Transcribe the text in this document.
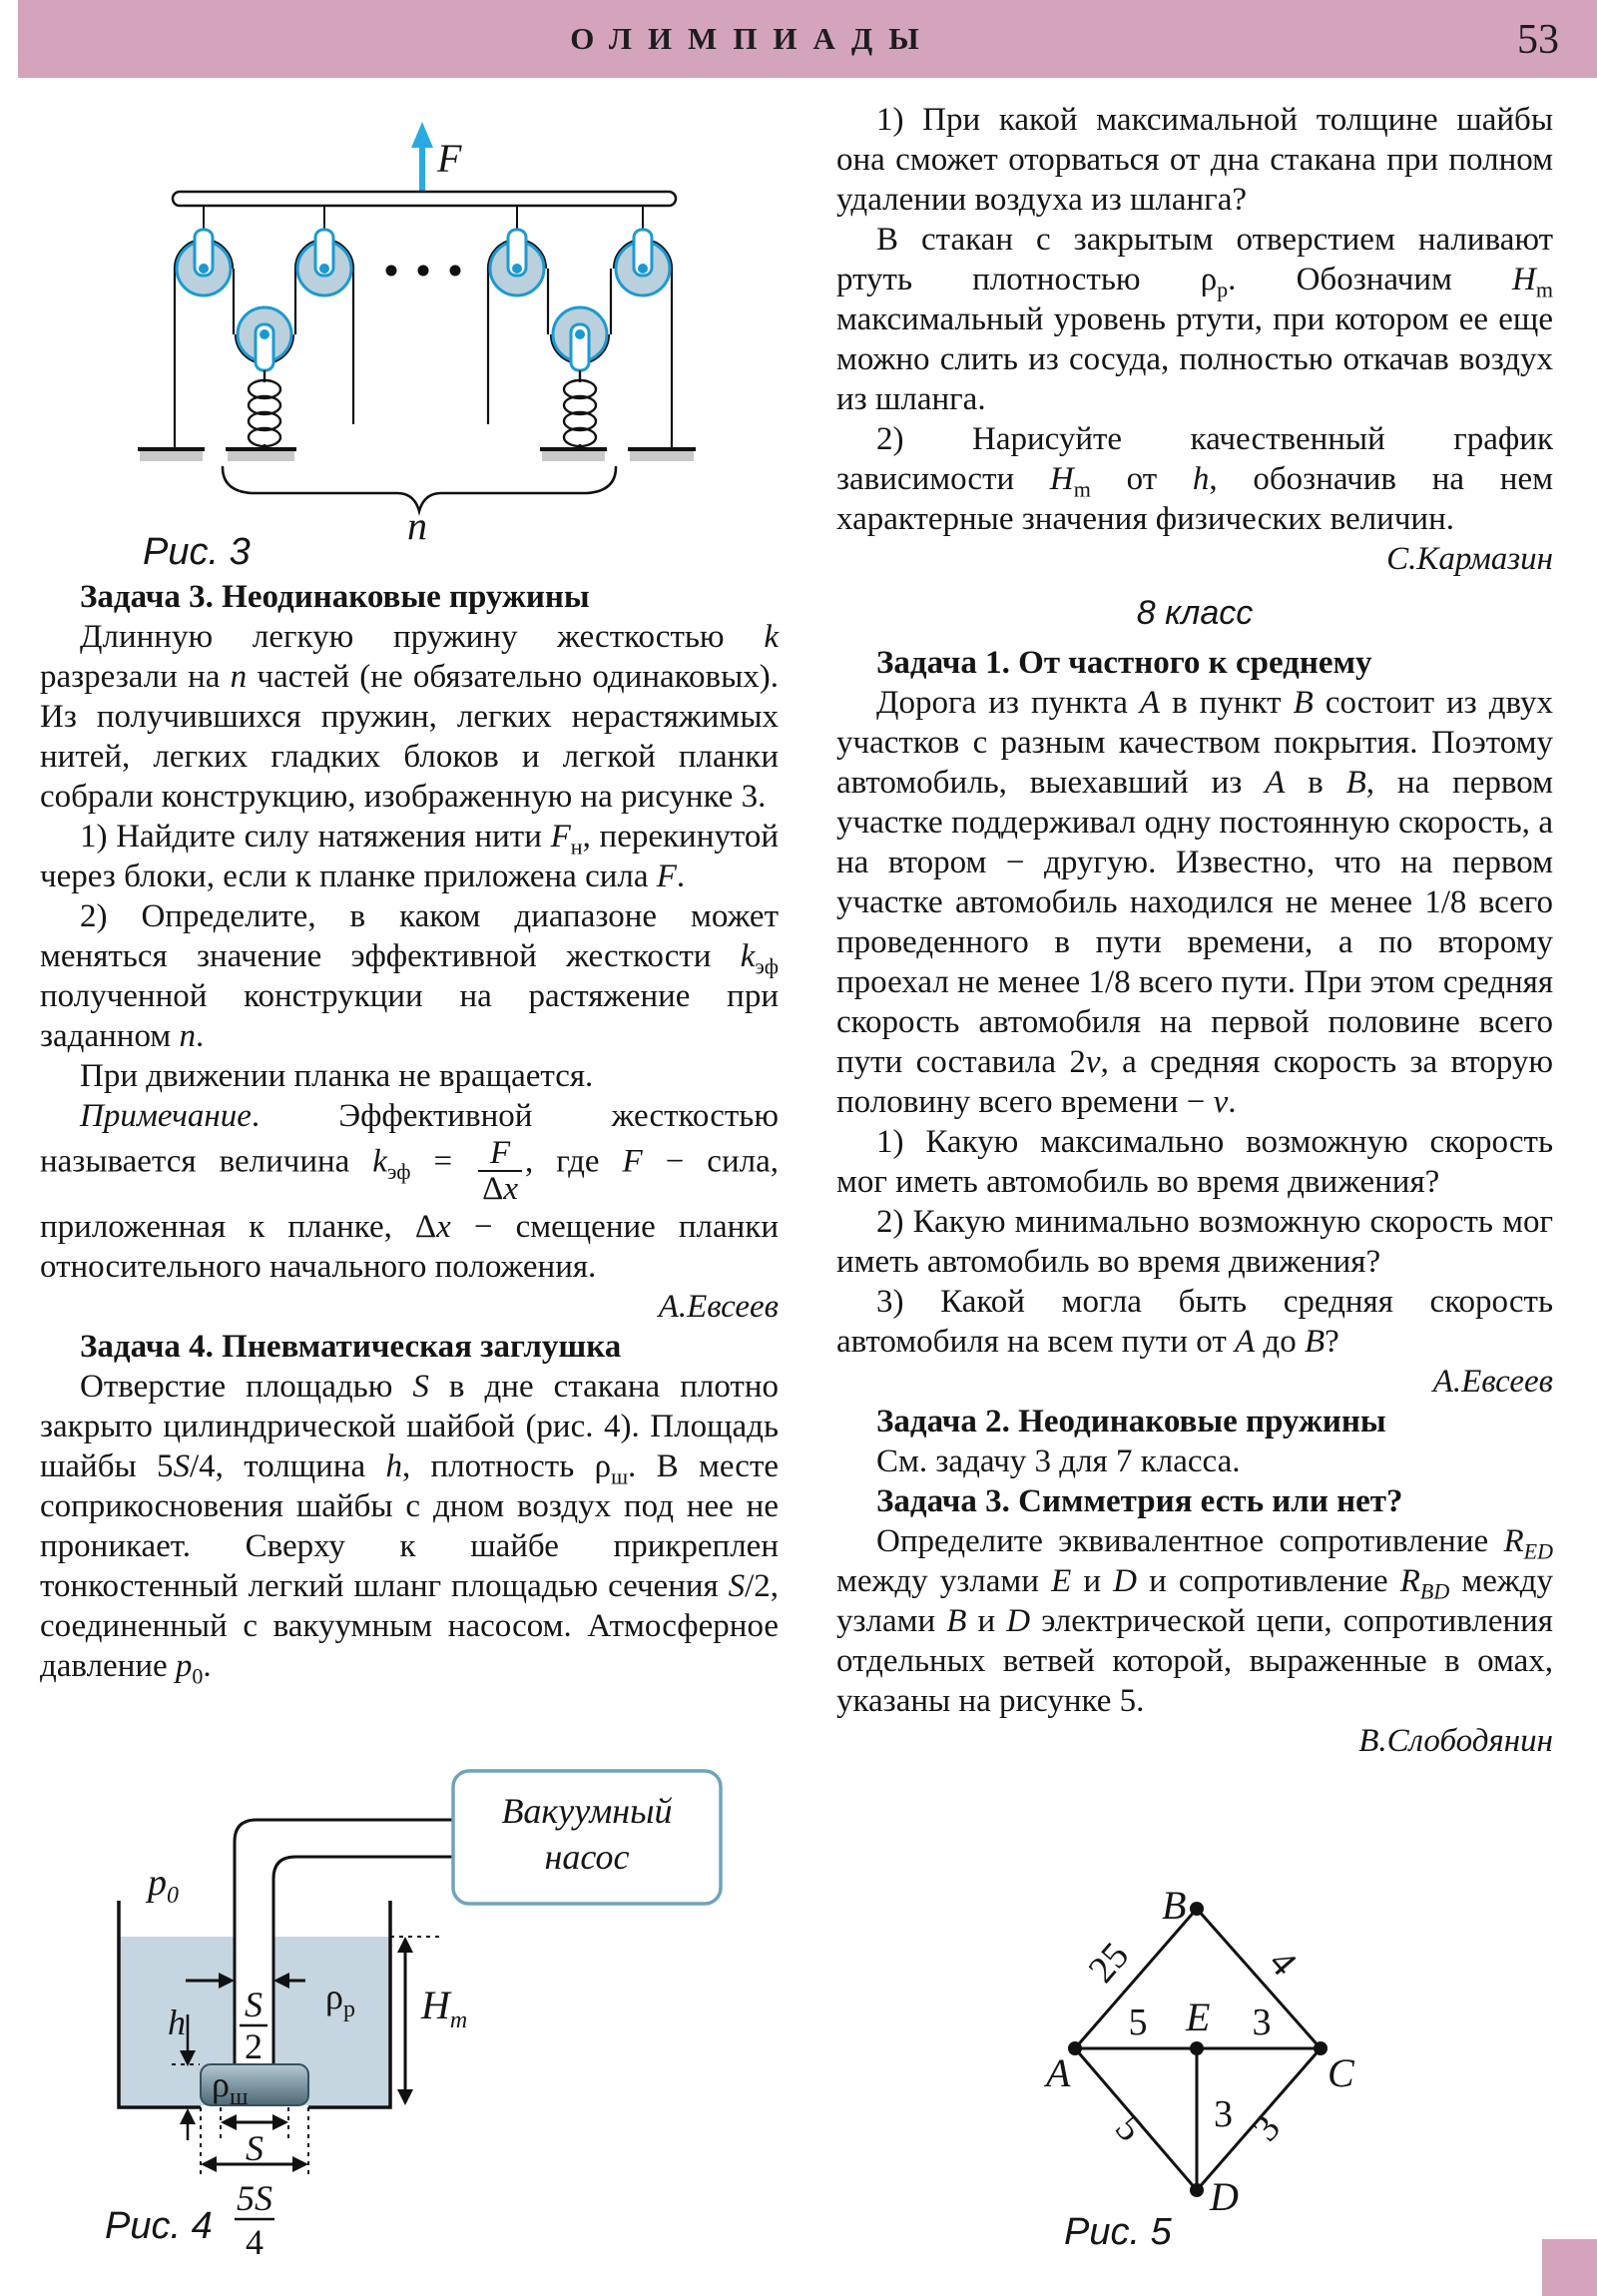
ОЛИМПИАДЫ	53
F
n
Рис. 3

Задача 3. Неодинаковые пружины

Длинную легкую пружину жесткостью k разрезали на n частей (не обязательно одинаковых). Из получившихся пружин, легких нерастяжимых нитей, легких гладких блоков и легкой планки собрали конструкцию, изображенную на рисунке 3.

1) Найдите силу натяжения нити $F_н$, перекинутой через блоки, если к планке приложена сила F.

2) Определите, в каком диапазоне может меняться значение эффективной жесткости $k_{эф}$ полученной конструкции на растяжение при заданном n.

При движении планка не вращается.

Примечание. Эффективной жесткостью называется величина $k_{эф} = \frac{F}{\Delta x}$ , где F − сила, приложенная к планке, Δx − смещение планки относительного начального положения.

А.Евсеев

Задача 4. Пневматическая заглушка

Отверстие площадью S в дне стакана плотно закрыто цилиндрической шайбой (рис. 4). Площадь шайбы 5S/4, толщина h, плотность $\rho_ш$. В месте соприкосновения шайбы с дном воздух под нее не проникает. Сверху к шайбе прикреплен тонкостенный легкий шланг площадью сечения S/2, соединенный с вакуумным насосом. Атмосферное давление $p_0$.

Вакуумный
насос
$p_0$
S
2
$\rho_р$
$\rho_ш$
h	$H_m$
S
5S
4
Рис. 4

1) При какой максимальной толщине шайбы она сможет оторваться от дна стакана при полном удалении воздуха из шланга?

В стакан с закрытым отверстием наливают ртуть плотностью $\rho_р$. Обозначим $H_m$ максимальный уровень ртути, при котором ее еще можно слить из сосуда, полностью откачав воздух из шланга.

2) Нарисуйте качественный график зависимости $H_m$ от h, обозначив на нем характерные значения физических величин.

С.Кармазин

8 класс

Задача 1. От частного к среднему

Дорога из пункта A в пункт B состоит из двух участков с разным качеством покрытия. Поэтому автомобиль, выехавший из A в B, на первом участке поддерживал одну постоянную скорость, а на втором − другую. Известно, что на первом участке автомобиль находился не менее 1/8 всего проведенного в пути времени, а по второму проехал не менее 1/8 всего пути. При этом средняя скорость автомобиля на первой половине всего пути составила 2v, а средняя скорость за вторую половину всего времени − v.

1) Какую максимально возможную скорость мог иметь автомобиль во время движения?

2) Какую минимально возможную скорость мог иметь автомобиль во время движения?

3) Какой могла быть средняя скорость автомобиля на всем пути от A до B?

А.Евсеев

Задача 2. Неодинаковые пружины

См. задачу 3 для 7 класса.

Задача 3. Симметрия есть или нет?

Определите эквивалентное сопротивление $R_{ED}$ между узлами E и D и сопротивление $R_{BD}$ между узлами B и D электрической цепи, сопротивления отдельных ветвей которой, выраженные в омах, указаны на рисунке 5.

В.Слободянин

A
B
C
D
E
25	4
5	3
5 3 3
Рис. 5
